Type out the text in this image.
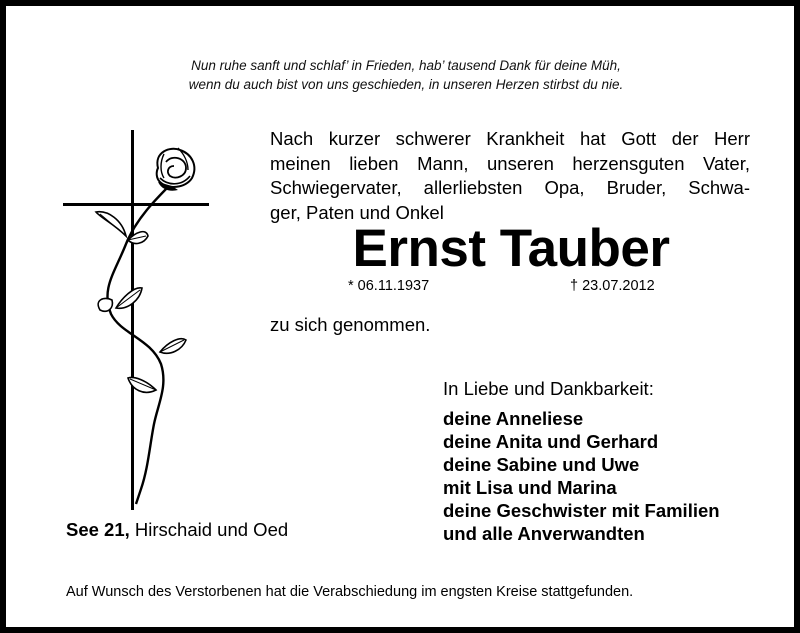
Nun ruhe sanft und schlaf’ in Frieden, hab’ tausend Dank für deine Müh,
wenn du auch bist von uns geschieden, in unseren Herzen stirbst du nie.
Nach kurzer schwerer Krankheit hat Gott der Herr
meinen lieben Mann, unseren herzensguten Vater,
Schwiegervater, allerliebsten Opa, Bruder, Schwa-
ger, Paten und Onkel
Ernst Tauber
* 06.11.1937	† 23.07.2012
zu sich genommen.
In Liebe und Dankbarkeit:
deine Anneliese
deine Anita und Gerhard
deine Sabine und Uwe
mit Lisa und Marina
deine Geschwister mit Familien
und alle Anverwandten
See 21, Hirschaid und Oed
Auf Wunsch des Verstorbenen hat die Verabschiedung im engsten Kreise stattgefunden.
